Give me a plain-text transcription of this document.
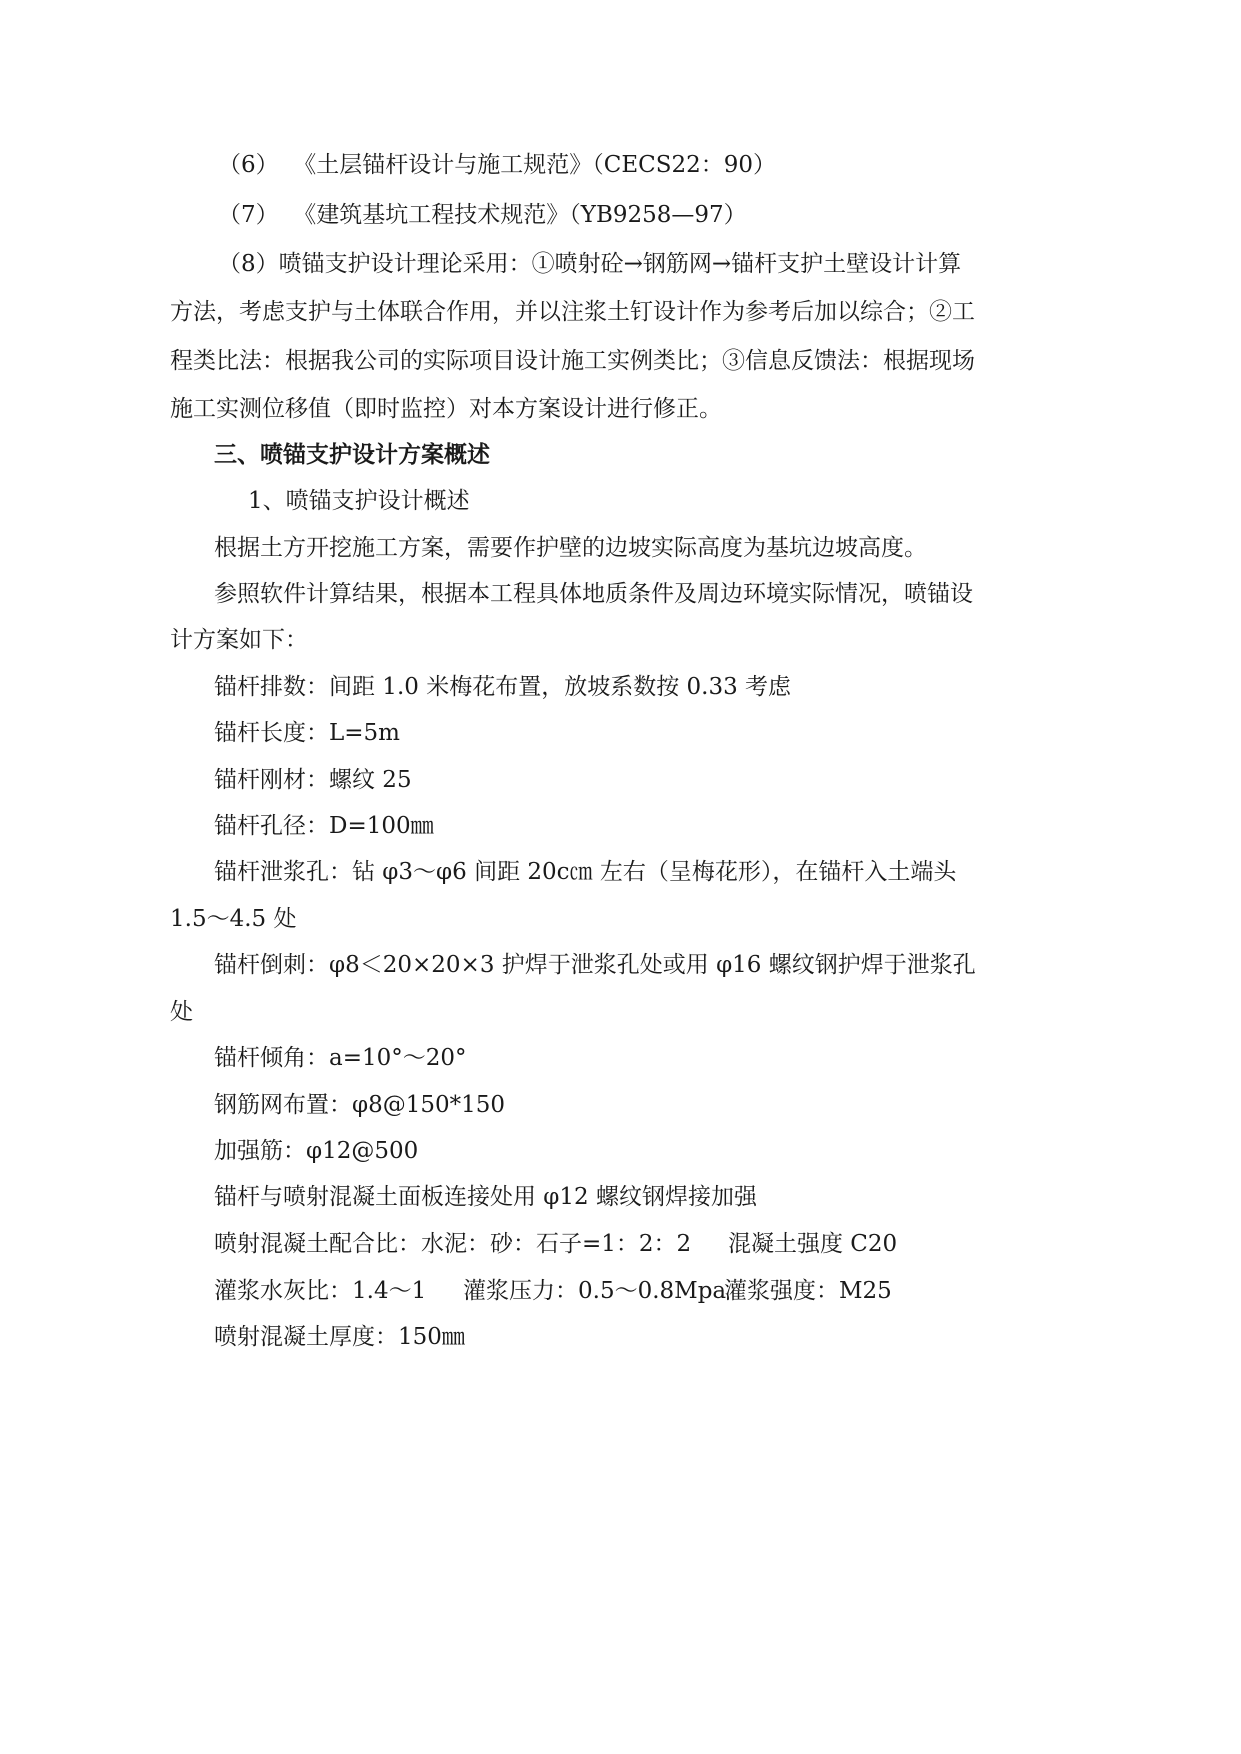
（6）  《土层锚杆设计与施工规范》（CECS22：90）
（7）  《建筑基坑工程技术规范》（YB9258—97）
（8）喷锚支护设计理论采用：①喷射砼→钢筋网→锚杆支护土壁设计计算
方法，考虑支护与土体联合作用，并以注浆土钉设计作为参考后加以综合；②工
程类比法：根据我公司的实际项目设计施工实例类比；③信息反馈法：根据现场
施工实测位移值（即时监控）对本方案设计进行修正。
三、喷锚支护设计方案概述
1、喷锚支护设计概述
根据土方开挖施工方案，需要作护壁的边坡实际高度为基坑边坡高度。
参照软件计算结果，根据本工程具体地质条件及周边环境实际情况，喷锚设
计方案如下：
锚杆排数：间距 1.0 米梅花布置，放坡系数按 0.33 考虑
锚杆长度：L=5m
锚杆刚材：螺纹 25
锚杆孔径：D=100㎜
锚杆泄浆孔：钻 φ3～φ6 间距 20c㎝ 左右（呈梅花形），在锚杆入土端头
1.5～4.5 处
锚杆倒刺：φ8＜20×20×3 护焊于泄浆孔处或用 φ16 螺纹钢护焊于泄浆孔
处
锚杆倾角：a=10°～20°
钢筋网布置：φ8@150*150
加强筋：φ12@500
锚杆与喷射混凝土面板连接处用 φ12 螺纹钢焊接加强
喷射混凝土配合比：水泥：砂：石子=1：2：2 混凝土强度 C20
灌浆水灰比：1.4～1 灌浆压力：0.5～0.8Mpa
灌浆强度：M25
喷射混凝土厚度：150㎜
